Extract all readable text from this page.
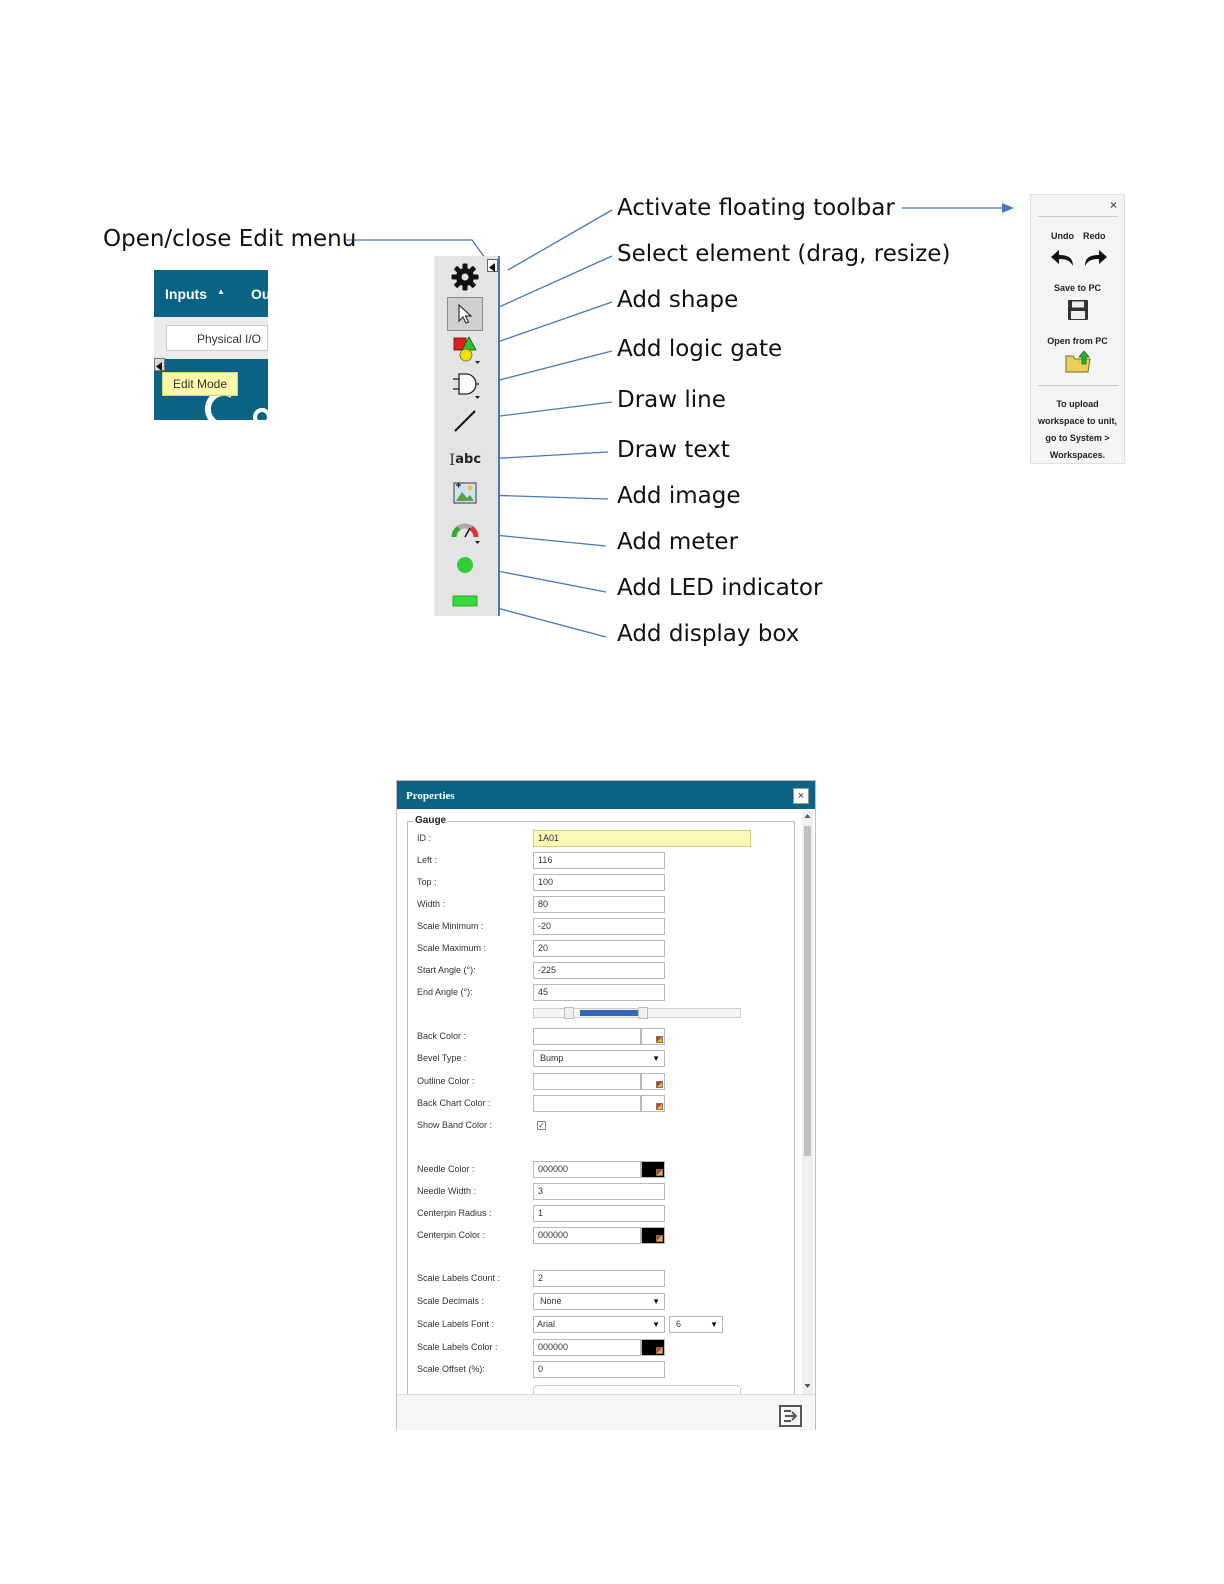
Open/close Edit menu
Activate floating toolbar
Select element (drag, resize)
Add shape
Add logic gate
Draw line
Draw text
Add image
Add meter
Add LED indicator
Add display box
Inputs ▲ Ou
Physical I/O
Edit Mode
I abc
×
Undo Redo
Save to PC
Open from PC
To upload
workspace to unit,
go to System >
Workspaces.
Properties	×
Gauge
ID :	1A01
Left :	116
Top :	100
Width :	80
Scale Minimum :	-20
Scale Maximum :	20
Start Angle (°):	-225
End Angle (°):	45
Back Color :
Bevel Type :	Bump	▼
Outline Color :
Back Chart Color :
Show Band Color :	✓
Needle Color :	000000
Needle Width :	3
Centerpin Radius :	1
Centerpin Color :	000000
Scale Labels Count :	2
Scale Decimals :	None	▼
Scale Labels Font :	Arial	▼	6	▼
Scale Labels Color :	000000
Scale Offset (%):	0
